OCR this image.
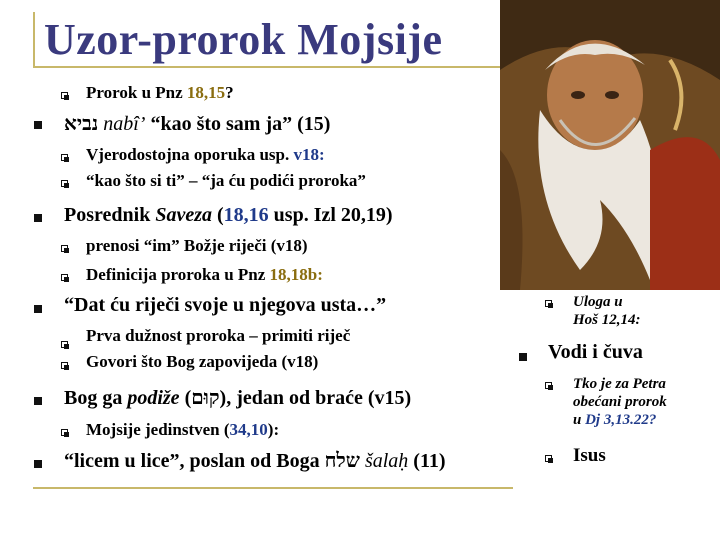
Uzor-prorok Mojsije
Prorok u Pnz 18,15?
נביא nabî’ “kao što sam ja” (15)
Vjerodostojna oporuka usp. v18:
“kao što si ti” – “ja ću podići proroka”
Posrednik Saveza (18,16 usp. Izl 20,19)
prenosi “im” Božje riječi (v18)
Definicija proroka u Pnz 18,18b:
“Dat ću riječi svoje u njegova usta…”
Prva dužnost proroka – primiti riječ
Govori što Bog zapovijeda (v18)
Bog ga podiže (קוּם), jedan od braće (v15)
Mojsije jedinstven (34,10):
“licem u lice”, poslan od Boga שלח šalaḥ (11)
Uloga u
Hoš 12,14:
Vodi i čuva
Tko je za Petra
obećani prorok
u Dj 3,13.22?
Isus
